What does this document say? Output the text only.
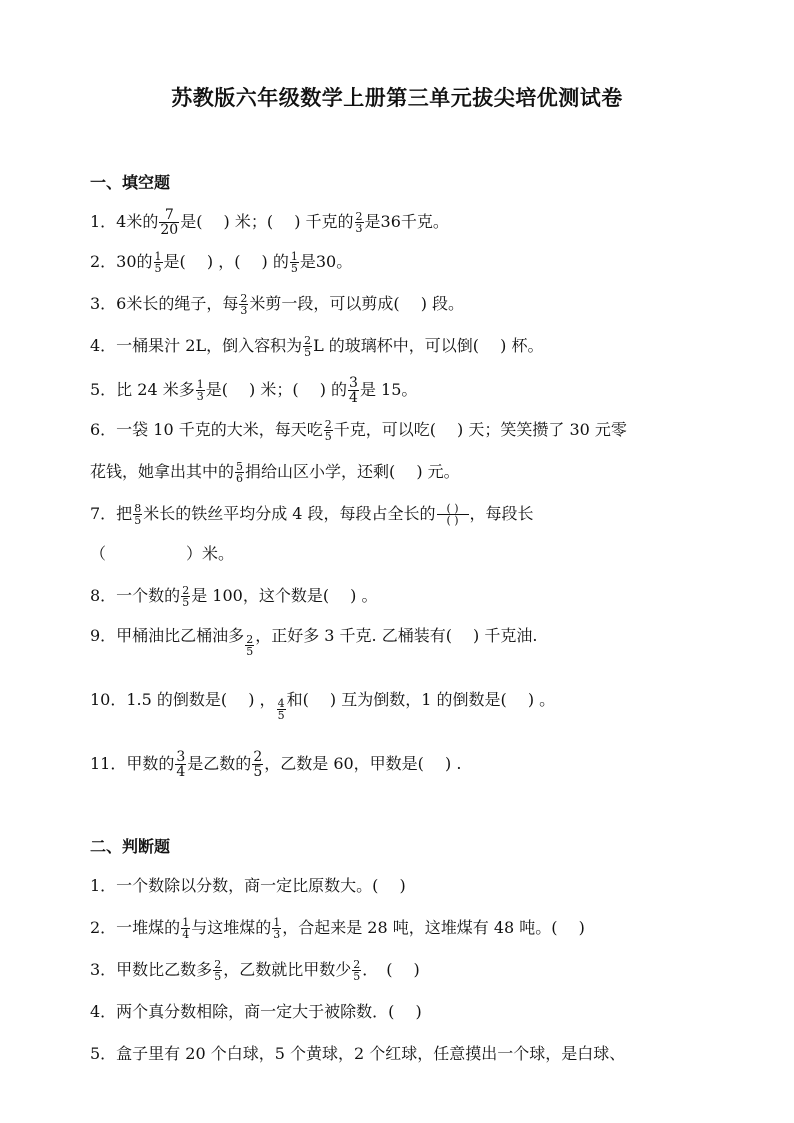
苏教版六年级数学上册第三单元拔尖培优测试卷
一、填空题
1．4米的 $\frac{7}{20}$ 是(　 ) 米；(　 ) 千克的 $\frac{2}{3}$ 是36千克。
2．30的 $\frac{1}{5}$ 是(　 ) ，(　 ) 的 $\frac{1}{5}$ 是30。
3．6米长的绳子，每 $\frac{2}{3}$ 米剪一段，可以剪成(　 ) 段。
4．一桶果汁 2L，倒入容积为 $\frac{2}{5}$ L 的玻璃杯中，可以倒(　 ) 杯。
5．比 24 米多 $\frac{1}{3}$ 是(　 ) 米；(　 ) 的 $\frac{3}{4}$ 是 15。
6．一袋 10 千克的大米，每天吃 $\frac{2}{5}$ 千克，可以吃(　 ) 天；笑笑攒了 30 元零
花钱，她拿出其中的 $\frac{5}{6}$ 捐给山区小学，还剩(　 ) 元。
7．把 $\frac{8}{5}$ 米长的铁丝平均分成 4 段，每段占全长的 $\frac{( )}{( )}$ ，每段长
（　　　　　）米。
8．一个数的 $\frac{2}{5}$ 是 100，这个数是(　 ) 。
9．甲桶油比乙桶油多 $\frac{2}{5}$ ，正好多 3 千克. 乙桶装有(　 ) 千克油.
10．1.5 的倒数是(　 ) ， $\frac{4}{5}$ 和(　 ) 互为倒数，1 的倒数是(　 ) 。
11．甲数的 $\frac{3}{4}$ 是乙数的 $\frac{2}{5}$ ，乙数是 60，甲数是(　 ) .
二、判断题
1．一个数除以分数，商一定比原数大。(　 )
2．一堆煤的 $\frac{1}{4}$ 与这堆煤的 $\frac{1}{3}$ ，合起来是 28 吨，这堆煤有 48 吨。(　 )
3．甲数比乙数多 $\frac{2}{5}$ ，乙数就比甲数少 $\frac{2}{5}$ ．　(　 )
4．两个真分数相除，商一定大于被除数．(　 )
5．盒子里有 20 个白球，5 个黄球，2 个红球，任意摸出一个球，是白球、
